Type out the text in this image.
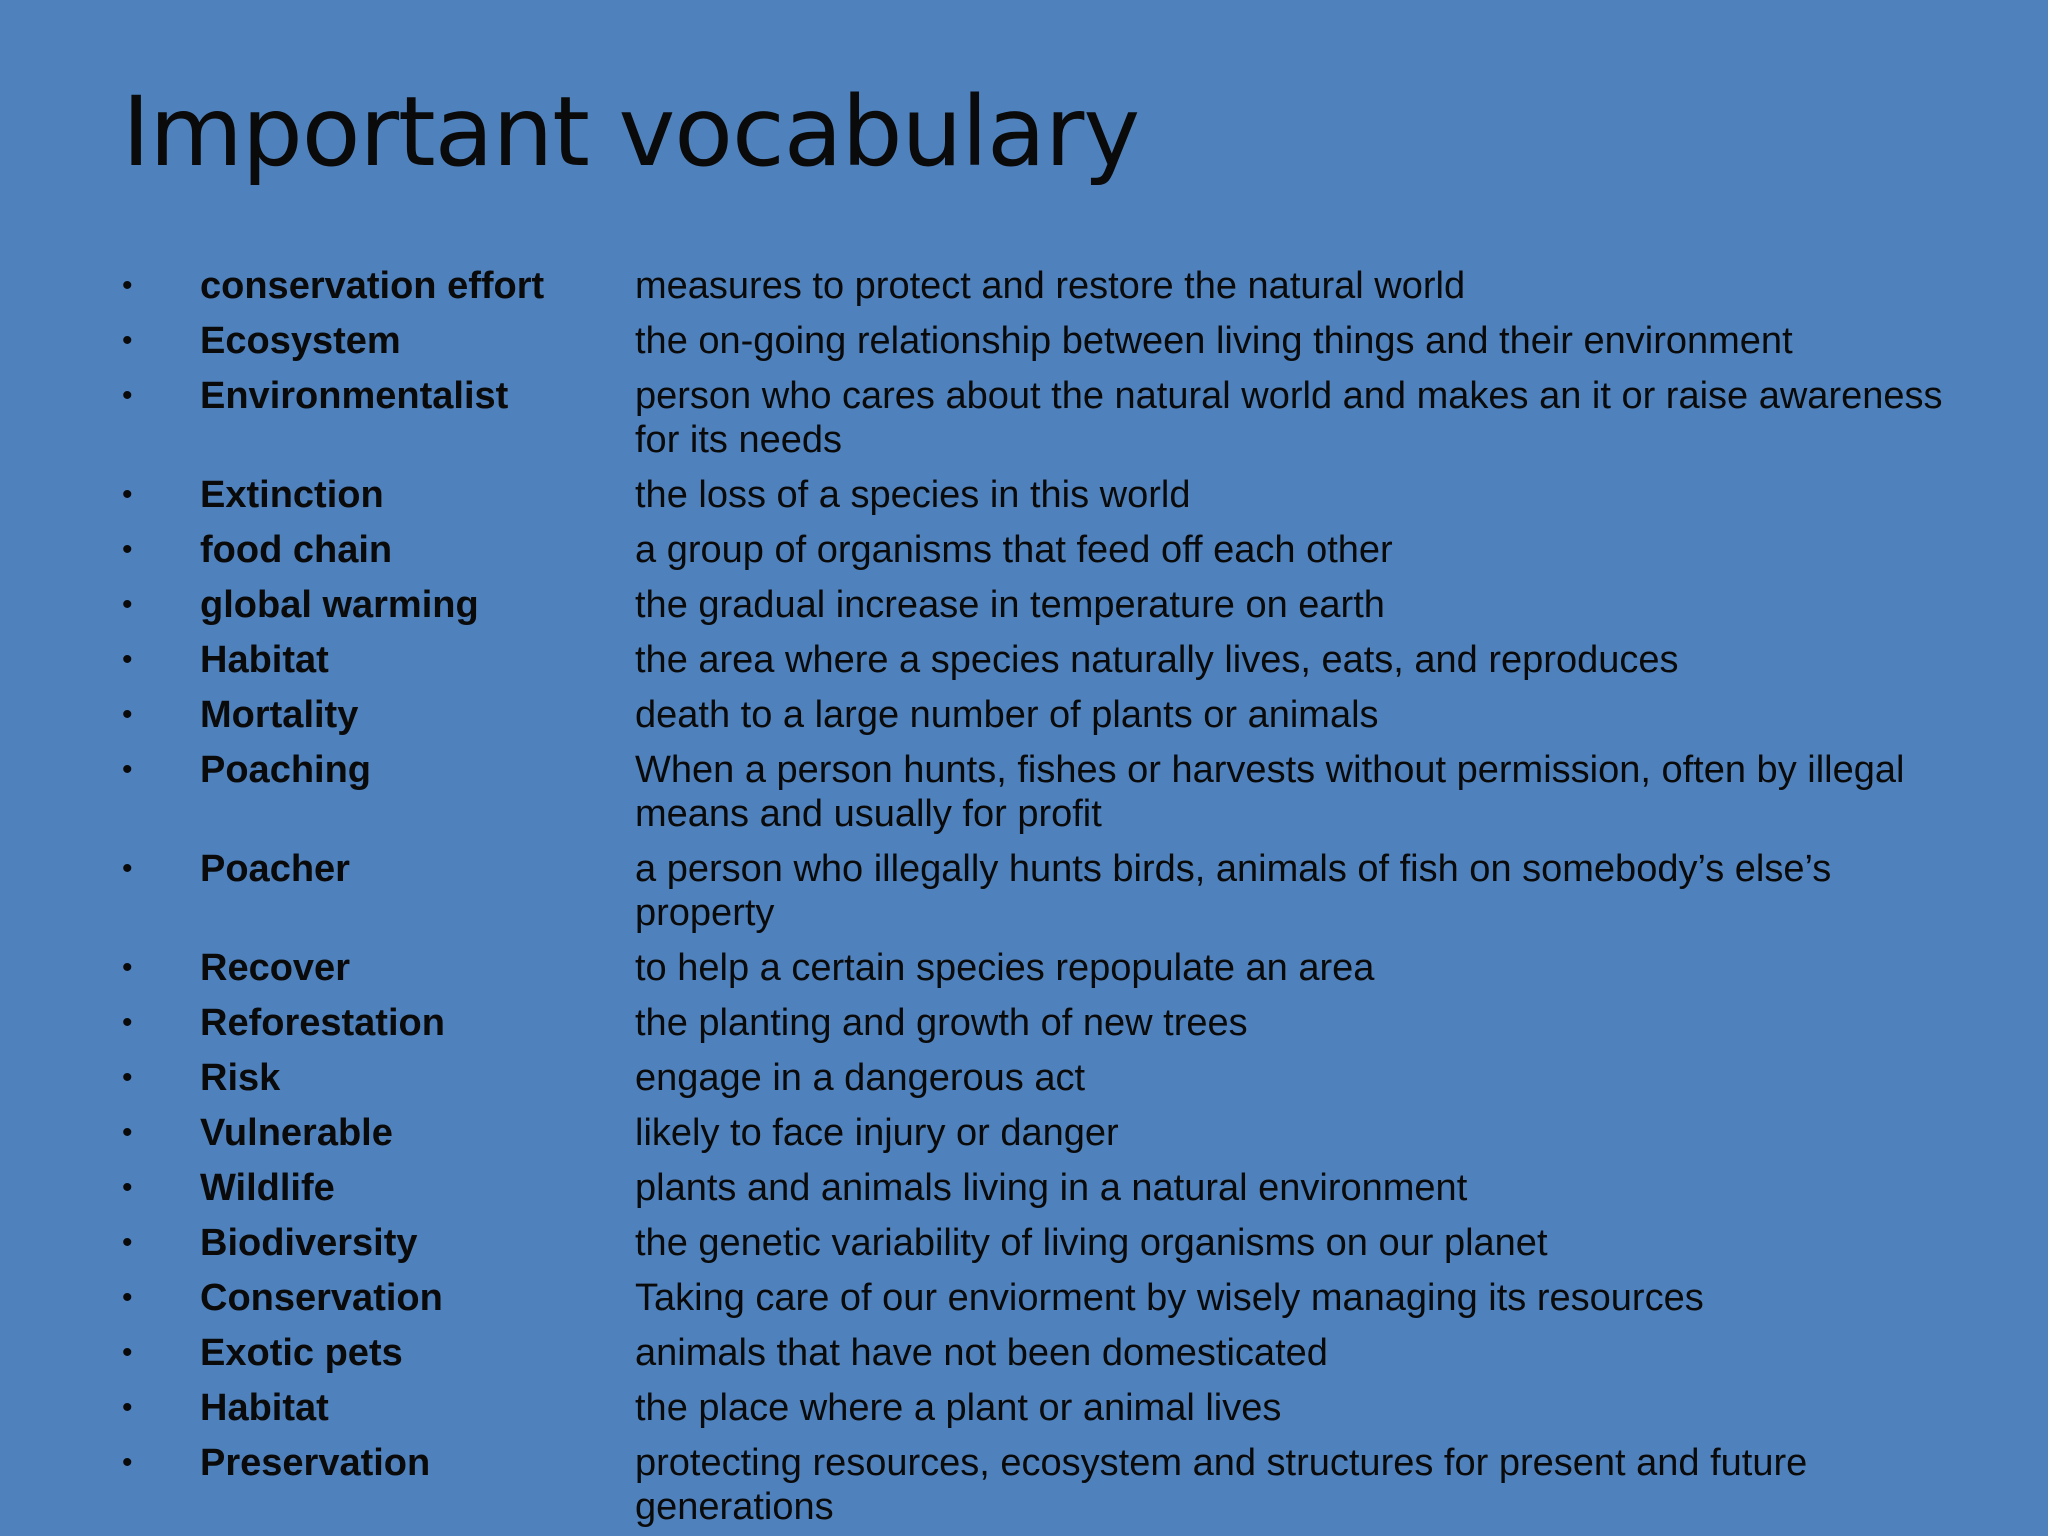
Important vocabulary
•	conservation effort	measures to protect and restore the natural world
•	Ecosystem	the on-going relationship between living things and their environment
•	Environmentalist	person who cares about the natural world and makes an it or raise awareness for its needs
•	Extinction	the loss of a species in this world
•	food chain	a group of organisms that feed off each other
•	global warming	the gradual increase in temperature on earth
•	Habitat	the area where a species naturally lives, eats, and reproduces
•	Mortality	death to a large number of plants or animals
•	Poaching	When a person hunts, fishes or harvests without permission, often by illegal means and usually for profit
•	Poacher	a person who illegally hunts birds, animals of fish on somebody’s else’s property
•	Recover	to help a certain species repopulate an area
•	Reforestation	the planting and growth of new trees
•	Risk	engage in a dangerous act
•	Vulnerable	likely to face injury or danger
•	Wildlife	plants and animals living in a natural environment
•	Biodiversity	the genetic variability of living organisms on our planet
•	Conservation	Taking care of our enviorment by wisely managing its resources
•	Exotic pets	animals that have not been domesticated
•	Habitat	the place where a plant or animal lives
•	Preservation	protecting resources, ecosystem and structures for present and future generations
